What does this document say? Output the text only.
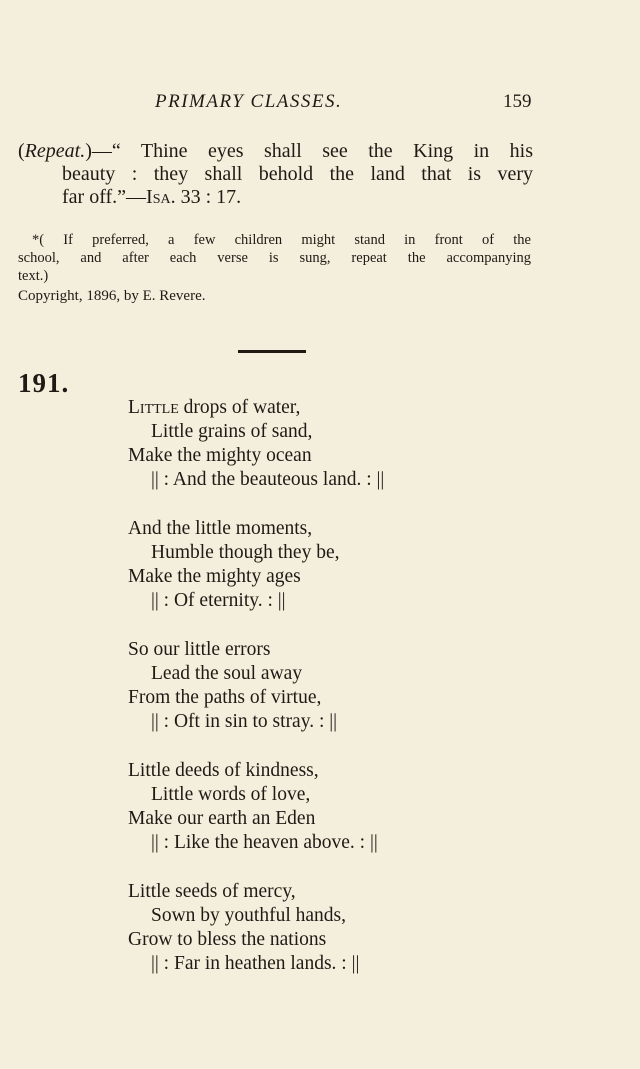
PRIMARY CLASSES.	159
(Repeat.)—“ Thine eyes shall see the King in his
beauty : they shall behold the land that is very
far off.”—Isa. 33 : 17.
*( If preferred, a few children might stand in front of the
school, and after each verse is sung, repeat the accompanying
text.)
Copyright, 1896, by E. Revere.
191.
Little drops of water,
Little grains of sand,
Make the mighty ocean
|| : And the beauteous land. : ||
And the little moments,
Humble though they be,
Make the mighty ages
|| : Of eternity. : ||
So our little errors
Lead the soul away
From the paths of virtue,
|| : Oft in sin to stray. : ||
Little deeds of kindness,
Little words of love,
Make our earth an Eden
|| : Like the heaven above. : ||
Little seeds of mercy,
Sown by youthful hands,
Grow to bless the nations
|| : Far in heathen lands. : ||
